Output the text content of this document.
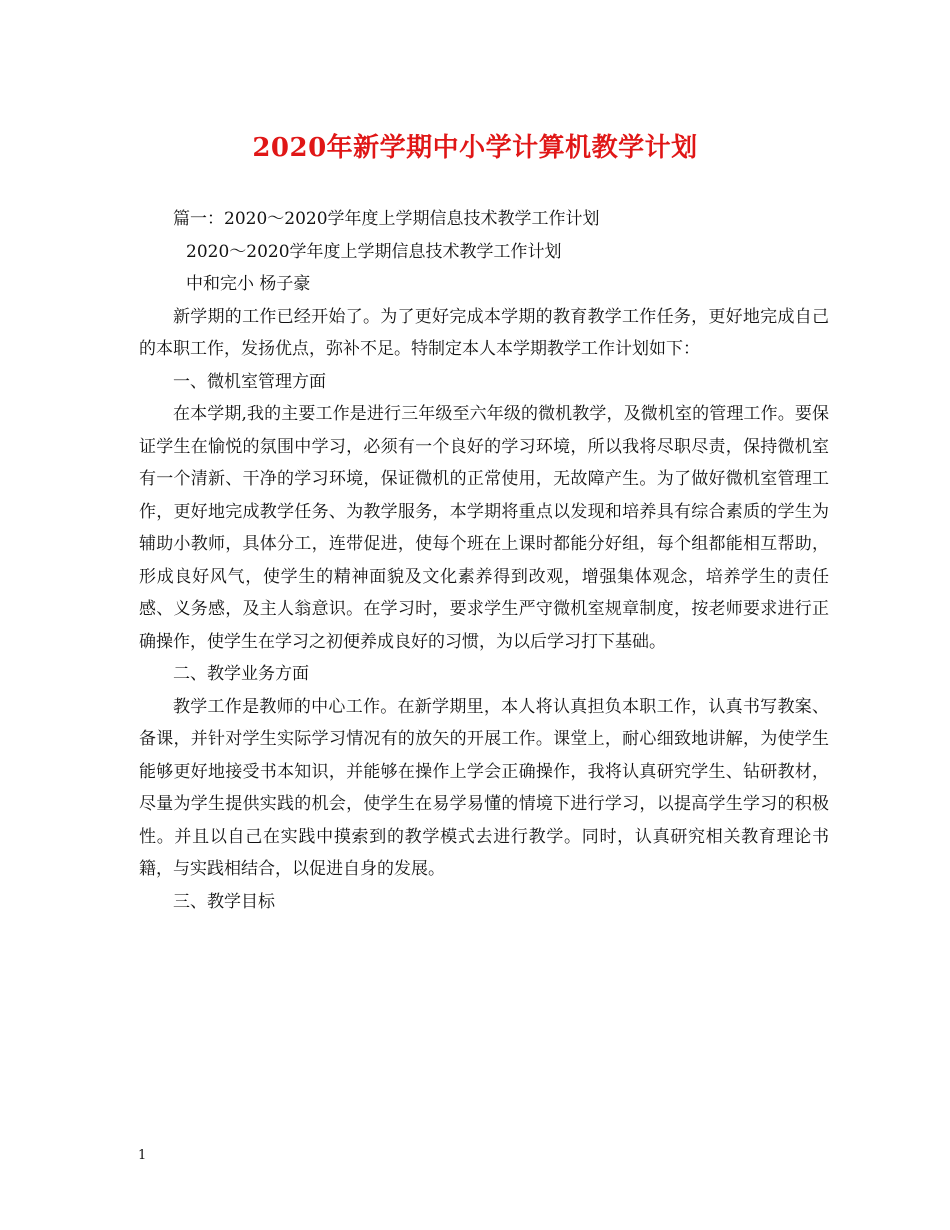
2020年新学期中小学计算机教学计划
篇一：2020～2020学年度上学期信息技术教学工作计划
2020～2020学年度上学期信息技术教学工作计划
中和完小 杨子豪

新学期的工作已经开始了。为了更好完成本学期的教育教学工作任务，更好地完成自己的本职工作，发扬优点，弥补不足。特制定本人本学期教学工作计划如下：

一、微机室管理方面

在本学期,我的主要工作是进行三年级至六年级的微机教学，及微机室的管理工作。要保证学生在愉悦的氛围中学习，必须有一个良好的学习环境，所以我将尽职尽责，保持微机室有一个清新、干净的学习环境，保证微机的正常使用，无故障产生。为了做好微机室管理工作，更好地完成教学任务、为教学服务，本学期将重点以发现和培养具有综合素质的学生为辅助小教师，具体分工，连带促进，使每个班在上课时都能分好组，每个组都能相互帮助，形成良好风气，使学生的精神面貌及文化素养得到改观，增强集体观念，培养学生的责任感、义务感，及主人翁意识。在学习时，要求学生严守微机室规章制度，按老师要求进行正确操作，使学生在学习之初便养成良好的习惯，为以后学习打下基础。

二、教学业务方面

教学工作是教师的中心工作。在新学期里，本人将认真担负本职工作，认真书写教案、备课，并针对学生实际学习情况有的放矢的开展工作。课堂上，耐心细致地讲解，为使学生能够更好地接受书本知识，并能够在操作上学会正确操作，我将认真研究学生、钻研教材，尽量为学生提供实践的机会，使学生在易学易懂的情境下进行学习，以提高学生学习的积极性。并且以自己在实践中摸索到的教学模式去进行教学。同时，认真研究相关教育理论书籍，与实践相结合，以促进自身的发展。

三、教学目标

1
